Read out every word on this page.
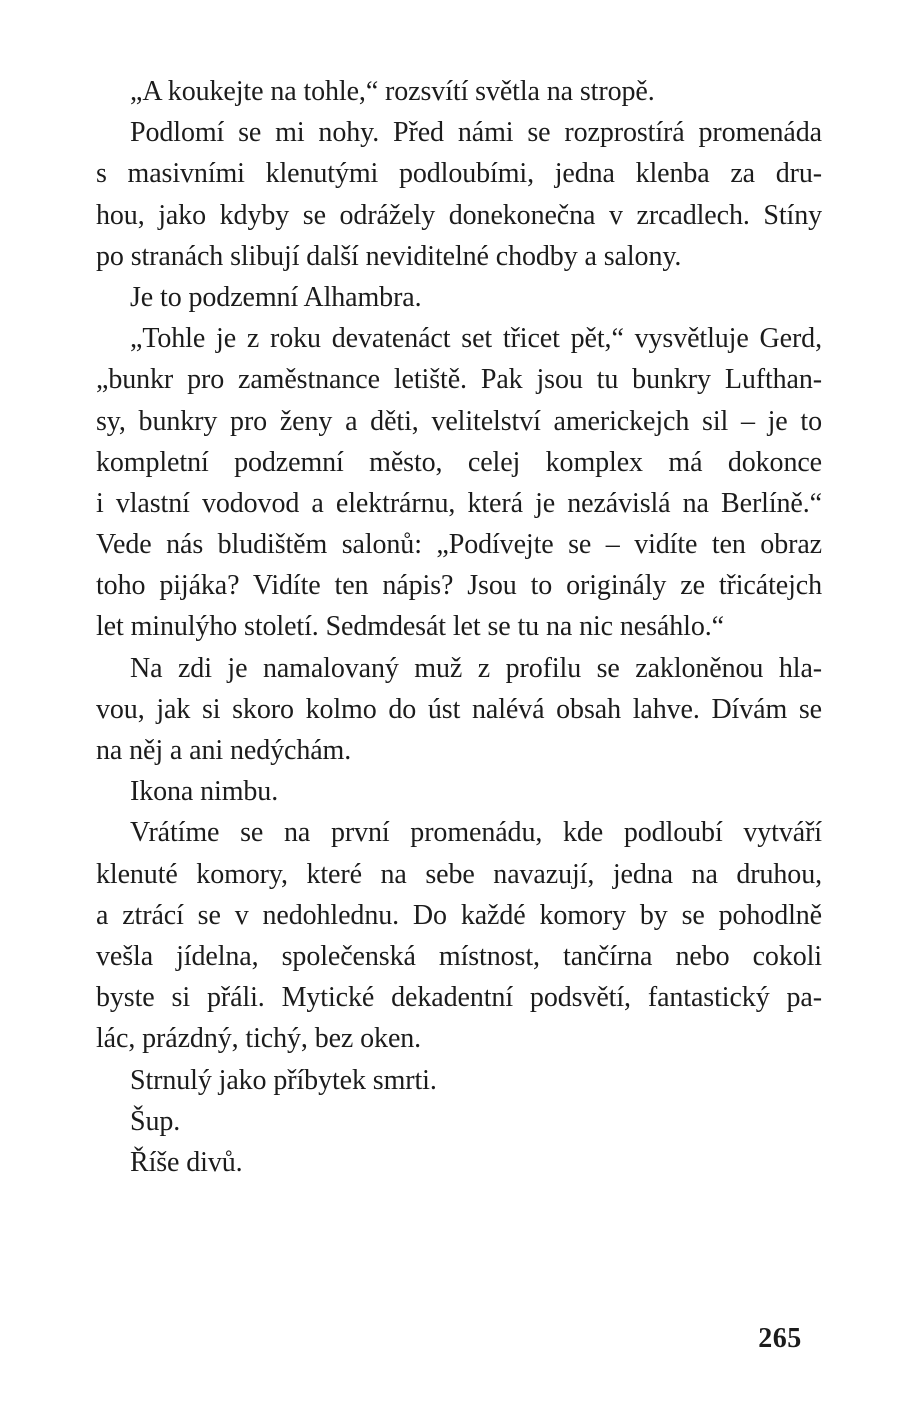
„A koukejte na tohle,“ rozsvítí světla na stropě.
Podlomí se mi nohy. Před námi se rozprostírá promenáda
s masivními klenutými podloubími, jedna klenba za dru-
hou, jako kdyby se odrážely donekonečna v zrcadlech. Stíny
po stranách slibují další neviditelné chodby a salony.
Je to podzemní Alhambra.
„Tohle je z roku devatenáct set třicet pět,“ vysvětluje Gerd,
„bunkr pro zaměstnance letiště. Pak jsou tu bunkry Lufthan-
sy, bunkry pro ženy a děti, velitelství americkejch sil – je to
kompletní podzemní město, celej komplex má dokonce
i vlastní vodovod a elektrárnu, která je nezávislá na Berlíně.“
Vede nás bludištěm salonů: „Podívejte se – vidíte ten obraz
toho pijáka? Vidíte ten nápis? Jsou to originály ze třicátejch
let minulýho století. Sedmdesát let se tu na nic nesáhlo.“
Na zdi je namalovaný muž z profilu se zakloněnou hla-
vou, jak si skoro kolmo do úst nalévá obsah lahve. Dívám se
na něj a ani nedýchám.
Ikona nimbu.
Vrátíme se na první promenádu, kde podloubí vytváří
klenuté komory, které na sebe navazují, jedna na druhou,
a ztrácí se v nedohlednu. Do každé komory by se pohodlně
vešla jídelna, společenská místnost, tančírna nebo cokoli
byste si přáli. Mytické dekadentní podsvětí, fantastický pa-
lác, prázdný, tichý, bez oken.
Strnulý jako příbytek smrti.
Šup.
Říše divů.
265
